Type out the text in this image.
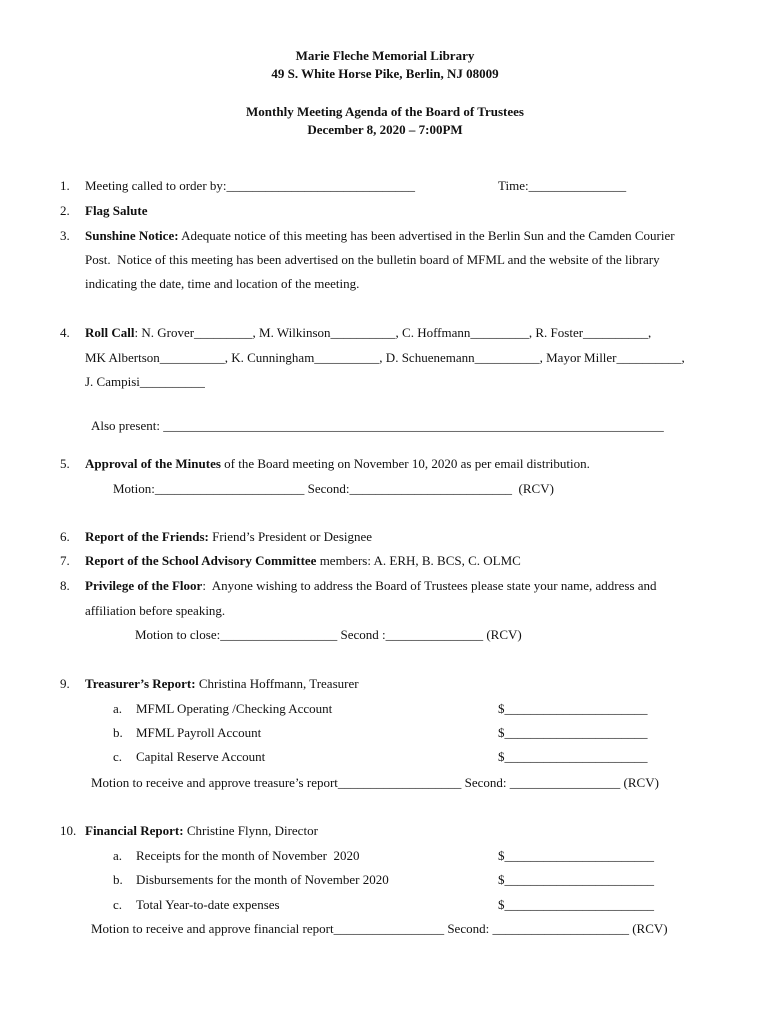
Marie Fleche Memorial Library
49 S. White Horse Pike, Berlin, NJ 08009
Monthly Meeting Agenda of the Board of Trustees
December 8, 2020 – 7:00PM
1. Meeting called to order by:_____________________________	Time:_______________
2. Flag Salute
3. Sunshine Notice: Adequate notice of this meeting has been advertised in the Berlin Sun and the Camden Courier
Post.  Notice of this meeting has been advertised on the bulletin board of MFML and the website of the library
indicating the date, time and location of the meeting.
4. Roll Call: N. Grover_________, M. Wilkinson__________, C. Hoffmann_________, R. Foster__________,
MK Albertson__________, K. Cunningham__________, D. Schuenemann__________, Mayor Miller__________,
J. Campisi__________
Also present: _____________________________________________________________________________
5. Approval of the Minutes of the Board meeting on November 10, 2020 as per email distribution.
Motion:_______________________ Second:_________________________  (RCV)
6. Report of the Friends: Friend’s President or Designee
7. Report of the School Advisory Committee members: A. ERH, B. BCS, C. OLMC
8. Privilege of the Floor:  Anyone wishing to address the Board of Trustees please state your name, address and
affiliation before speaking.
Motion to close:__________________ Second :_______________ (RCV)
9. Treasurer’s Report: Christina Hoffmann, Treasurer
a. MFML Operating /Checking Account	$______________________
b. MFML Payroll Account	$______________________
c. Capital Reserve Account	$______________________
Motion to receive and approve treasure’s report___________________ Second: _________________ (RCV)
10. Financial Report: Christine Flynn, Director
a. Receipts for the month of November  2020	$_______________________
b. Disbursements for the month of November 2020	$_______________________
c. Total Year-to-date expenses	$_______________________
Motion to receive and approve financial report_________________ Second: _____________________ (RCV)
